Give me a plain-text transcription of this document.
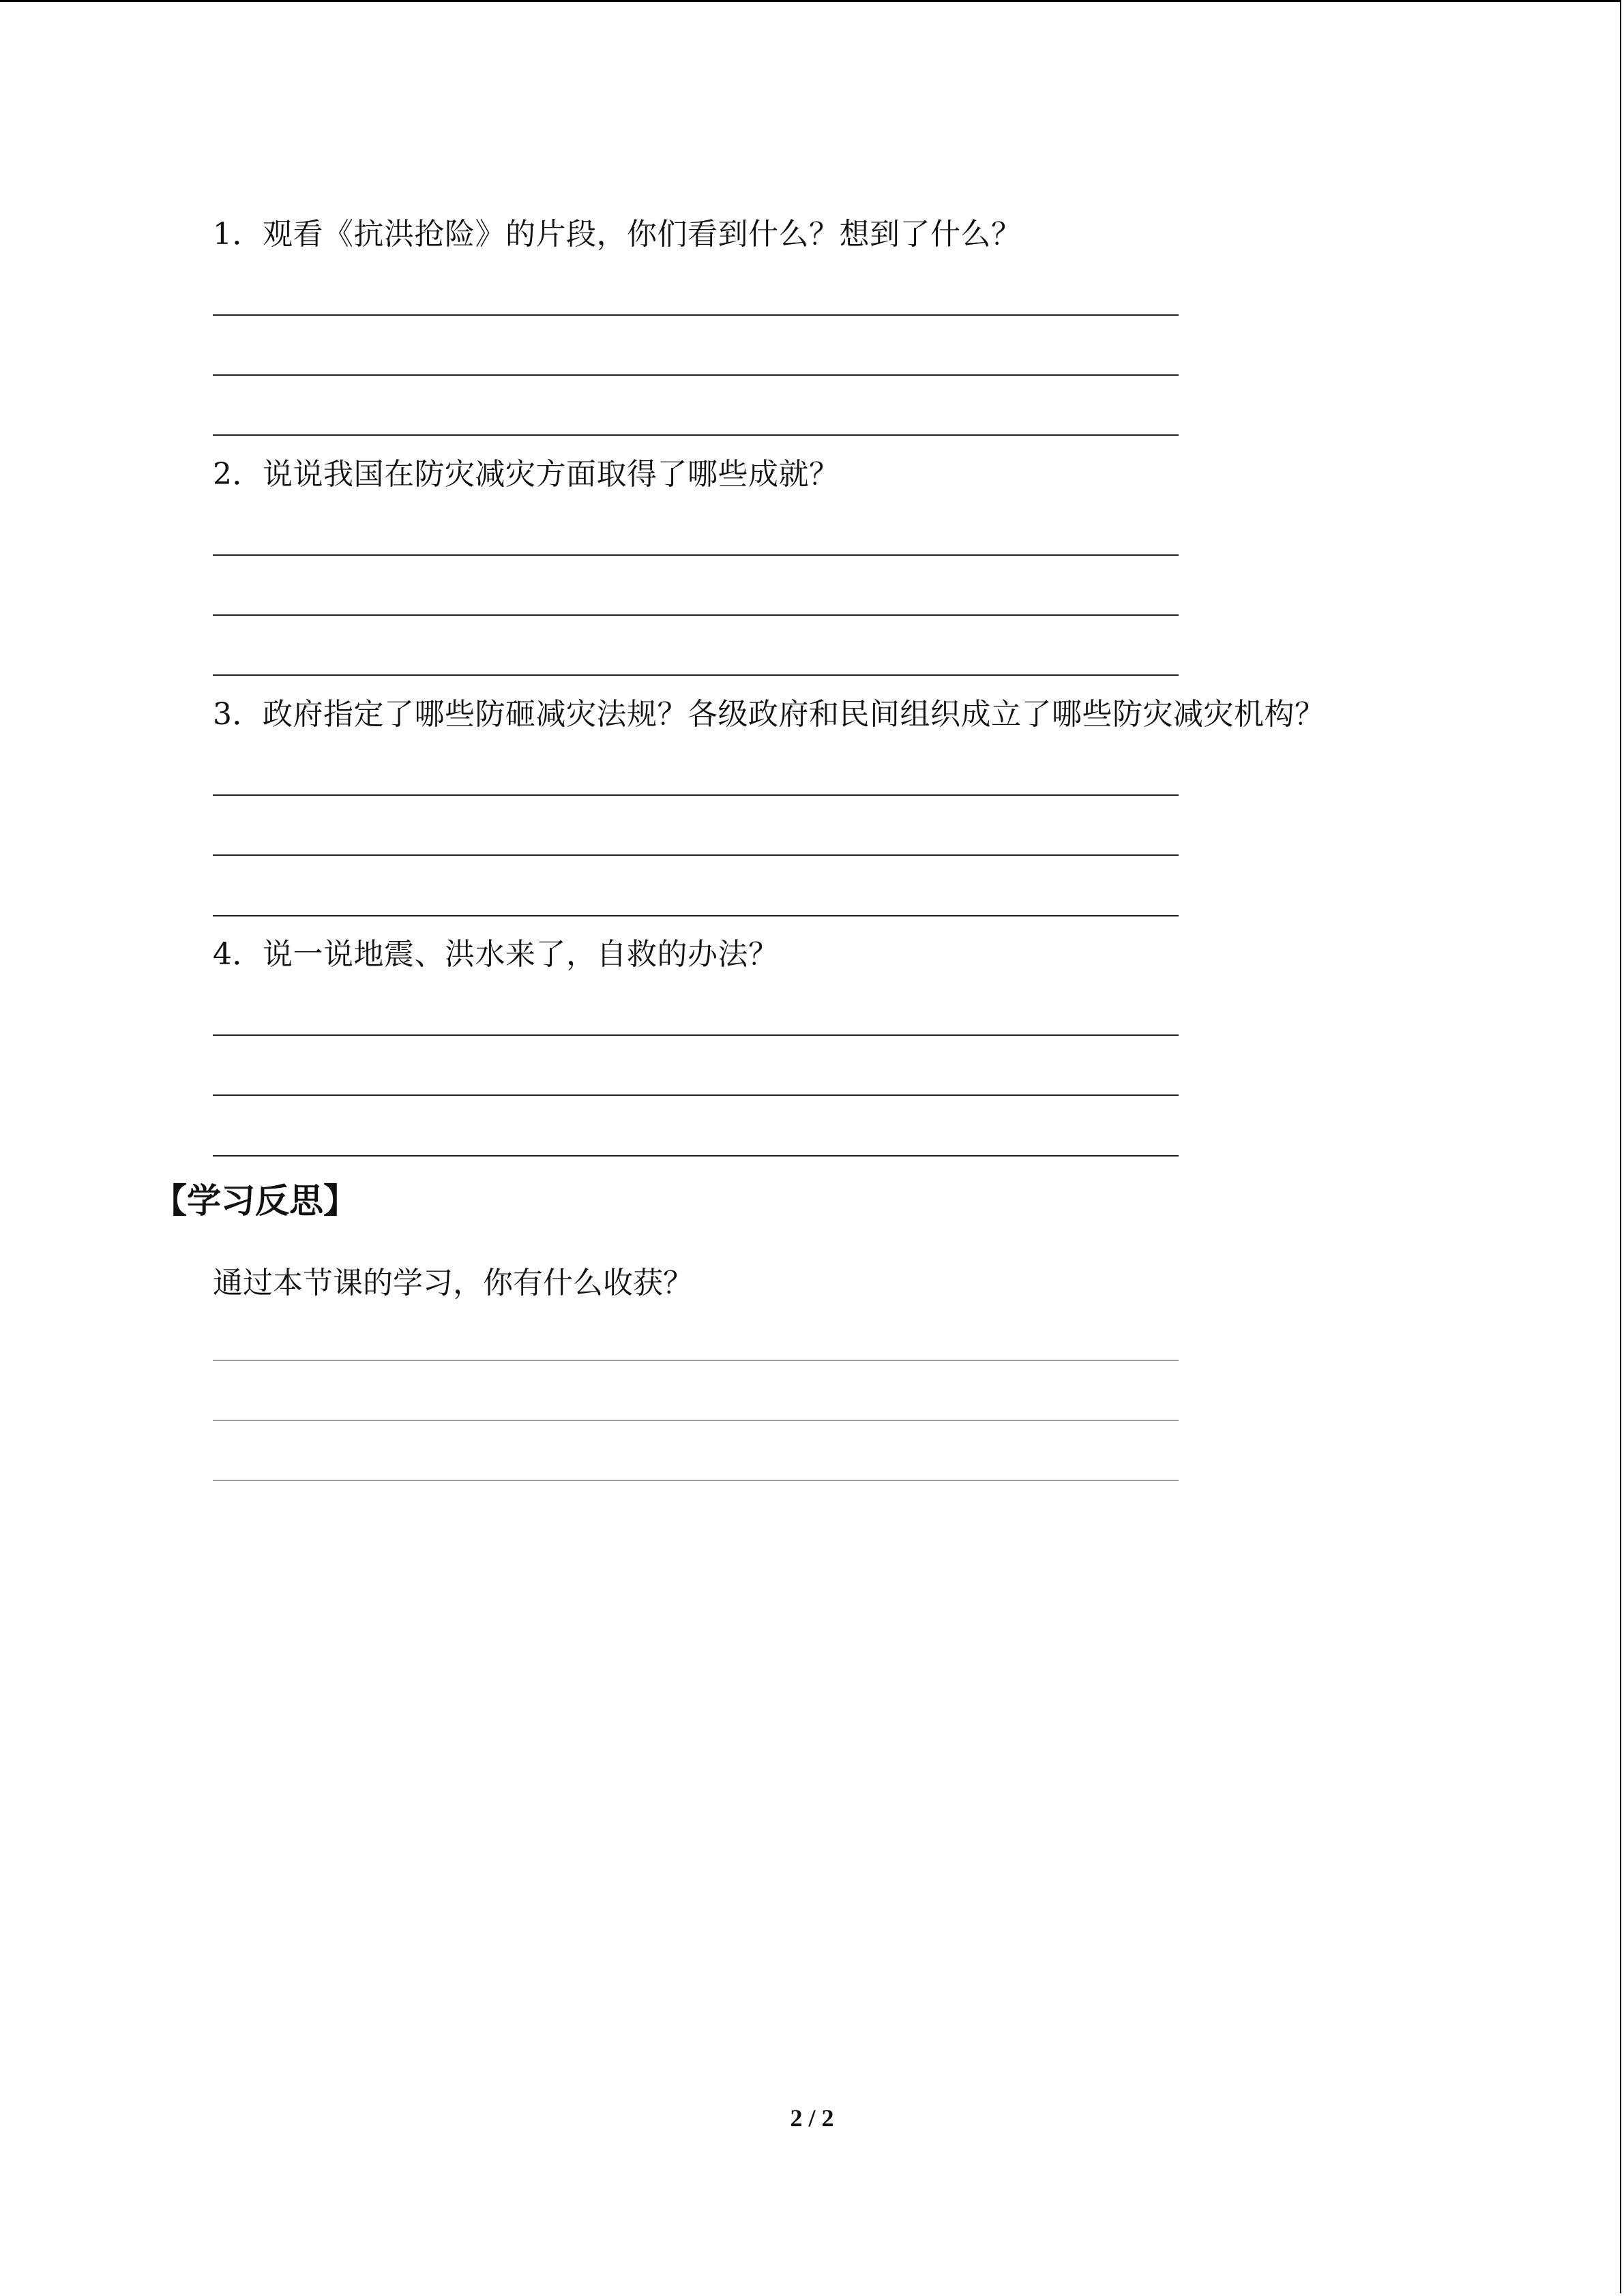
1．观看《抗洪抢险》的片段，你们看到什么？想到了什么？
2．说说我国在防灾减灾方面取得了哪些成就？
3．政府指定了哪些防砸减灾法规？各级政府和民间组织成立了哪些防灾减灾机构？
4．说一说地震、洪水来了，自救的办法？
【学习反思】
通过本节课的学习，你有什么收获？
2 / 2
